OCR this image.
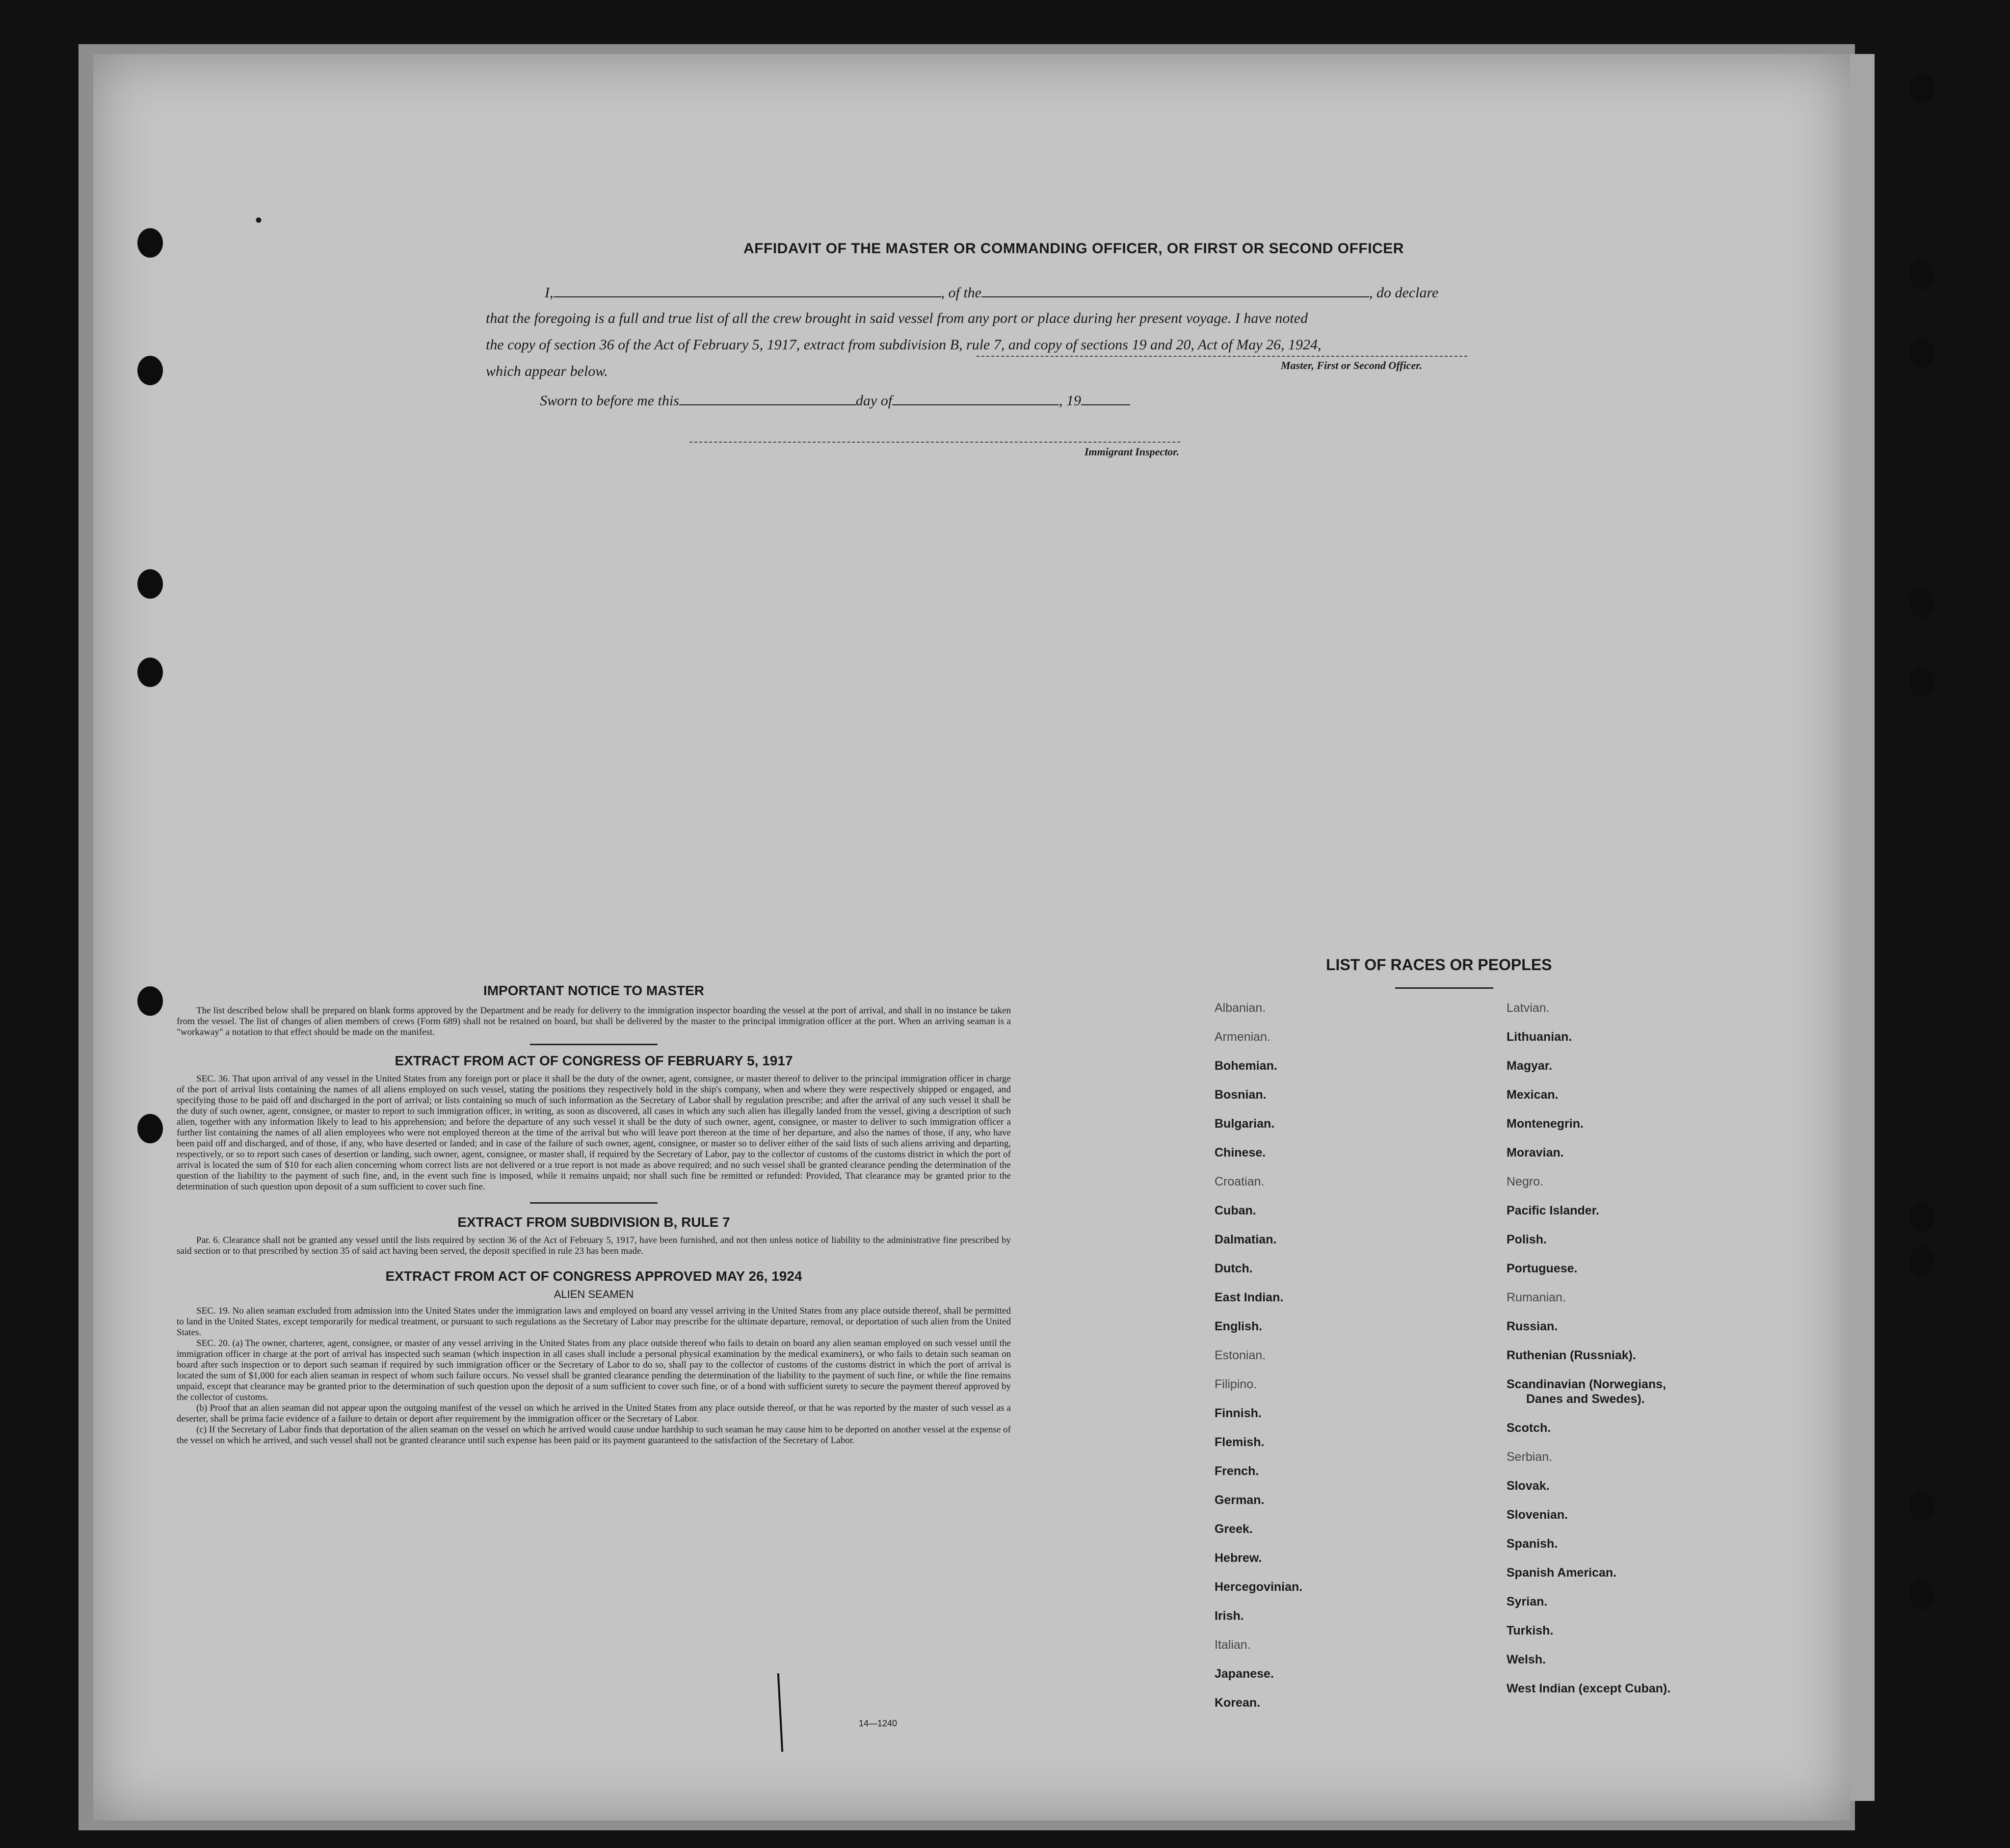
•
AFFIDAVIT OF THE MASTER OR COMMANDING OFFICER, OR FIRST OR SECOND OFFICER
I,	, of the	, do declare
that the foregoing is a full and true list of all the crew brought in said vessel from any port or place during her present voyage. I have noted
the copy of section 36 of the Act of February 5, 1917, extract from subdivision B, rule 7, and copy of sections 19 and 20, Act of May 26, 1924,
which appear below.	Master, First or Second Officer.
Sworn to before me this	day of	, 19
Immigrant Inspector.
IMPORTANT NOTICE TO MASTER
The list described below shall be prepared on blank forms approved by the Department and be ready for delivery to the immigration inspector boarding the vessel at the port of arrival, and shall in no instance be taken from the vessel. The list of changes of alien members of crews (Form 689) shall not be retained on board, but shall be delivered by the master to the principal immigration officer at the port. When an arriving seaman is a "workaway" a notation to that effect should be made on the manifest.
EXTRACT FROM ACT OF CONGRESS OF FEBRUARY 5, 1917
SEC. 36. That upon arrival of any vessel in the United States from any foreign port or place it shall be the duty of the owner, agent, consignee, or master thereof to deliver to the principal immigration officer in charge of the port of arrival lists containing the names of all aliens employed on such vessel, stating the positions they respectively hold in the ship's company, when and where they were respectively shipped or engaged, and specifying those to be paid off and discharged in the port of arrival; or lists containing so much of such information as the Secretary of Labor shall by regulation prescribe; and after the arrival of any such vessel it shall be the duty of such owner, agent, consignee, or master to report to such immigration officer, in writing, as soon as discovered, all cases in which any such alien has illegally landed from the vessel, giving a description of such alien, together with any information likely to lead to his apprehension; and before the departure of any such vessel it shall be the duty of such owner, agent, consignee, or master to deliver to such immigration officer a further list containing the names of all alien employees who were not employed thereon at the time of the arrival but who will leave port thereon at the time of her departure, and also the names of those, if any, who have been paid off and discharged, and of those, if any, who have deserted or landed; and in case of the failure of such owner, agent, consignee, or master so to deliver either of the said lists of such aliens arriving and departing, respectively, or so to report such cases of desertion or landing, such owner, agent, consignee, or master shall, if required by the Secretary of Labor, pay to the collector of customs of the customs district in which the port of arrival is located the sum of $10 for each alien concerning whom correct lists are not delivered or a true report is not made as above required; and no such vessel shall be granted clearance pending the determination of the question of the liability to the payment of such fine, and, in the event such fine is imposed, while it remains unpaid; nor shall such fine be remitted or refunded: Provided, That clearance may be granted prior to the determination of such question upon deposit of a sum sufficient to cover such fine.
EXTRACT FROM SUBDIVISION B, RULE 7
Par. 6. Clearance shall not be granted any vessel until the lists required by section 36 of the Act of February 5, 1917, have been furnished, and not then unless notice of liability to the administrative fine prescribed by said section or to that prescribed by section 35 of said act having been served, the deposit specified in rule 23 has been made.
EXTRACT FROM ACT OF CONGRESS APPROVED MAY 26, 1924
ALIEN SEAMEN
SEC. 19. No alien seaman excluded from admission into the United States under the immigration laws and employed on board any vessel arriving in the United States from any place outside thereof, shall be permitted to land in the United States, except temporarily for medical treatment, or pursuant to such regulations as the Secretary of Labor may prescribe for the ultimate departure, removal, or deportation of such alien from the United States.
SEC. 20. (a) The owner, charterer, agent, consignee, or master of any vessel arriving in the United States from any place outside thereof who fails to detain on board any alien seaman employed on such vessel until the immigration officer in charge at the port of arrival has inspected such seaman (which inspection in all cases shall include a personal physical examination by the medical examiners), or who fails to detain such seaman on board after such inspection or to deport such seaman if required by such immigration officer or the Secretary of Labor to do so, shall pay to the collector of customs of the customs district in which the port of arrival is located the sum of $1,000 for each alien seaman in respect of whom such failure occurs. No vessel shall be granted clearance pending the determination of the liability to the payment of such fine, or while the fine remains unpaid, except that clearance may be granted prior to the determination of such question upon the deposit of a sum sufficient to cover such fine, or of a bond with sufficient surety to secure the payment thereof approved by the collector of customs.
(b) Proof that an alien seaman did not appear upon the outgoing manifest of the vessel on which he arrived in the United States from any place outside thereof, or that he was reported by the master of such vessel as a deserter, shall be prima facie evidence of a failure to detain or deport after requirement by the immigration officer or the Secretary of Labor.
(c) If the Secretary of Labor finds that deportation of the alien seaman on the vessel on which he arrived would cause undue hardship to such seaman he may cause him to be deported on another vessel at the expense of the vessel on which he arrived, and such vessel shall not be granted clearance until such expense has been paid or its payment guaranteed to the satisfaction of the Secretary of Labor.
14—1240
LIST OF RACES OR PEOPLES
Albanian.
Armenian.
Bohemian.
Bosnian.
Bulgarian.
Chinese.
Croatian.
Cuban.
Dalmatian.
Dutch.
East Indian.
English.
Estonian.
Filipino.
Finnish.
Flemish.
French.
German.
Greek.
Hebrew.
Hercegovinian.
Irish.
Italian.
Japanese.
Korean.
Latvian.
Lithuanian.
Magyar.
Mexican.
Montenegrin.
Moravian.
Negro.
Pacific Islander.
Polish.
Portuguese.
Rumanian.
Russian.
Ruthenian (Russniak).
Scandinavian (Norwegians,
Danes and Swedes).
Scotch.
Serbian.
Slovak.
Slovenian.
Spanish.
Spanish American.
Syrian.
Turkish.
Welsh.
West Indian (except Cuban).
